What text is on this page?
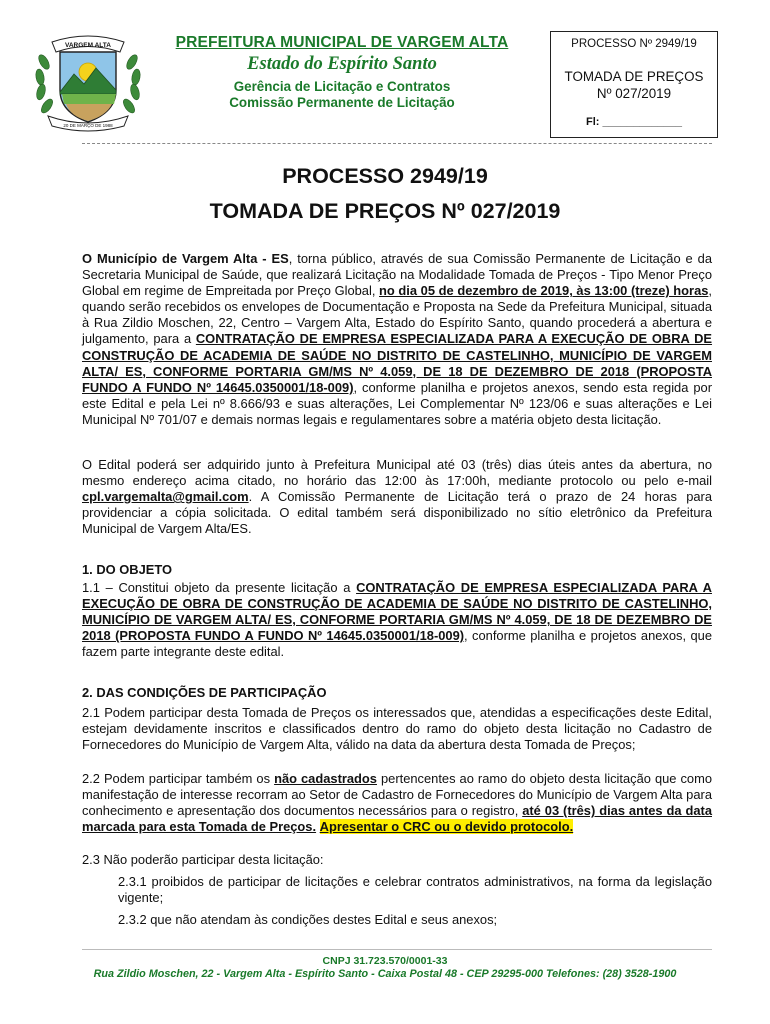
VARGEM ALTA
20 DE MARÇO DE 1988
PREFEITURA MUNICIPAL DE VARGEM ALTA
Estado do Espírito Santo
Gerência de Licitação e Contratos
Comissão Permanente de Licitação
PROCESSO Nº 2949/19
TOMADA DE PREÇOS
Nº 027/2019
Fl: _____________
PROCESSO 2949/19
TOMADA DE PREÇOS Nº 027/2019

O Município de Vargem Alta - ES, torna público, através de sua Comissão Permanente de Licitação e da Secretaria Municipal de Saúde, que realizará Licitação na Modalidade Tomada de Preços - Tipo Menor Preço Global em regime de Empreitada por Preço Global, no dia 05 de dezembro de 2019, às 13:00 (treze) horas, quando serão recebidos os envelopes de Documentação e Proposta na Sede da Prefeitura Municipal, situada à Rua Zildio Moschen, 22, Centro – Vargem Alta, Estado do Espírito Santo, quando procederá a abertura e julgamento, para a CONTRATAÇÃO DE EMPRESA ESPECIALIZADA PARA A EXECUÇÃO DE OBRA DE CONSTRUÇÃO DE ACADEMIA DE SAÚDE NO DISTRITO DE CASTELINHO, MUNICÍPIO DE VARGEM ALTA/ ES, CONFORME PORTARIA GM/MS Nº 4.059, DE 18 DE DEZEMBRO DE 2018 (PROPOSTA FUNDO A FUNDO Nº 14645.0350001/18-009), conforme planilha e projetos anexos, sendo esta regida por este Edital e pela Lei nº 8.666/93 e suas alterações, Lei Complementar Nº 123/06 e suas alterações e Lei Municipal Nº 701/07 e demais normas legais e regulamentares sobre a matéria objeto desta licitação.

O Edital poderá ser adquirido junto à Prefeitura Municipal até 03 (três) dias úteis antes da abertura, no mesmo endereço acima citado, no horário das 12:00 às 17:00h, mediante protocolo ou pelo e-mail cpl.vargemalta@gmail.com. A Comissão Permanente de Licitação terá o prazo de 24 horas para providenciar a cópia solicitada. O edital também será disponibilizado no sítio eletrônico da Prefeitura Municipal de Vargem Alta/ES.

1. DO OBJETO

1.1 – Constitui objeto da presente licitação a CONTRATAÇÃO DE EMPRESA ESPECIALIZADA PARA A EXECUÇÃO DE OBRA DE CONSTRUÇÃO DE ACADEMIA DE SAÚDE NO DISTRITO DE CASTELINHO, MUNICÍPIO DE VARGEM ALTA/ ES, CONFORME PORTARIA GM/MS Nº 4.059, DE 18 DE DEZEMBRO DE 2018 (PROPOSTA FUNDO A FUNDO Nº 14645.0350001/18-009), conforme planilha e projetos anexos, que fazem parte integrante deste edital.

2. DAS CONDIÇÕES DE PARTICIPAÇÃO

2.1 Podem participar desta Tomada de Preços os interessados que, atendidas a especificações deste Edital, estejam devidamente inscritos e classificados dentro do ramo do objeto desta licitação no Cadastro de Fornecedores do Município de Vargem Alta, válido na data da abertura desta Tomada de Preços;

2.2 Podem participar também os não cadastrados pertencentes ao ramo do objeto desta licitação que como manifestação de interesse recorram ao Setor de Cadastro de Fornecedores do Município de Vargem Alta para conhecimento e apresentação dos documentos necessários para o registro, até 03 (três) dias antes da data marcada para esta Tomada de Preços. Apresentar o CRC ou o devido protocolo.

2.3 Não poderão participar desta licitação:

2.3.1 proibidos de participar de licitações e celebrar contratos administrativos, na forma da legislação vigente;

2.3.2 que não atendam às condições destes Edital e seus anexos;

CNPJ 31.723.570/0001-33
Rua Zildio Moschen, 22 - Vargem Alta - Espírito Santo - Caixa Postal 48 - CEP 29295-000 Telefones: (28) 3528-1900
